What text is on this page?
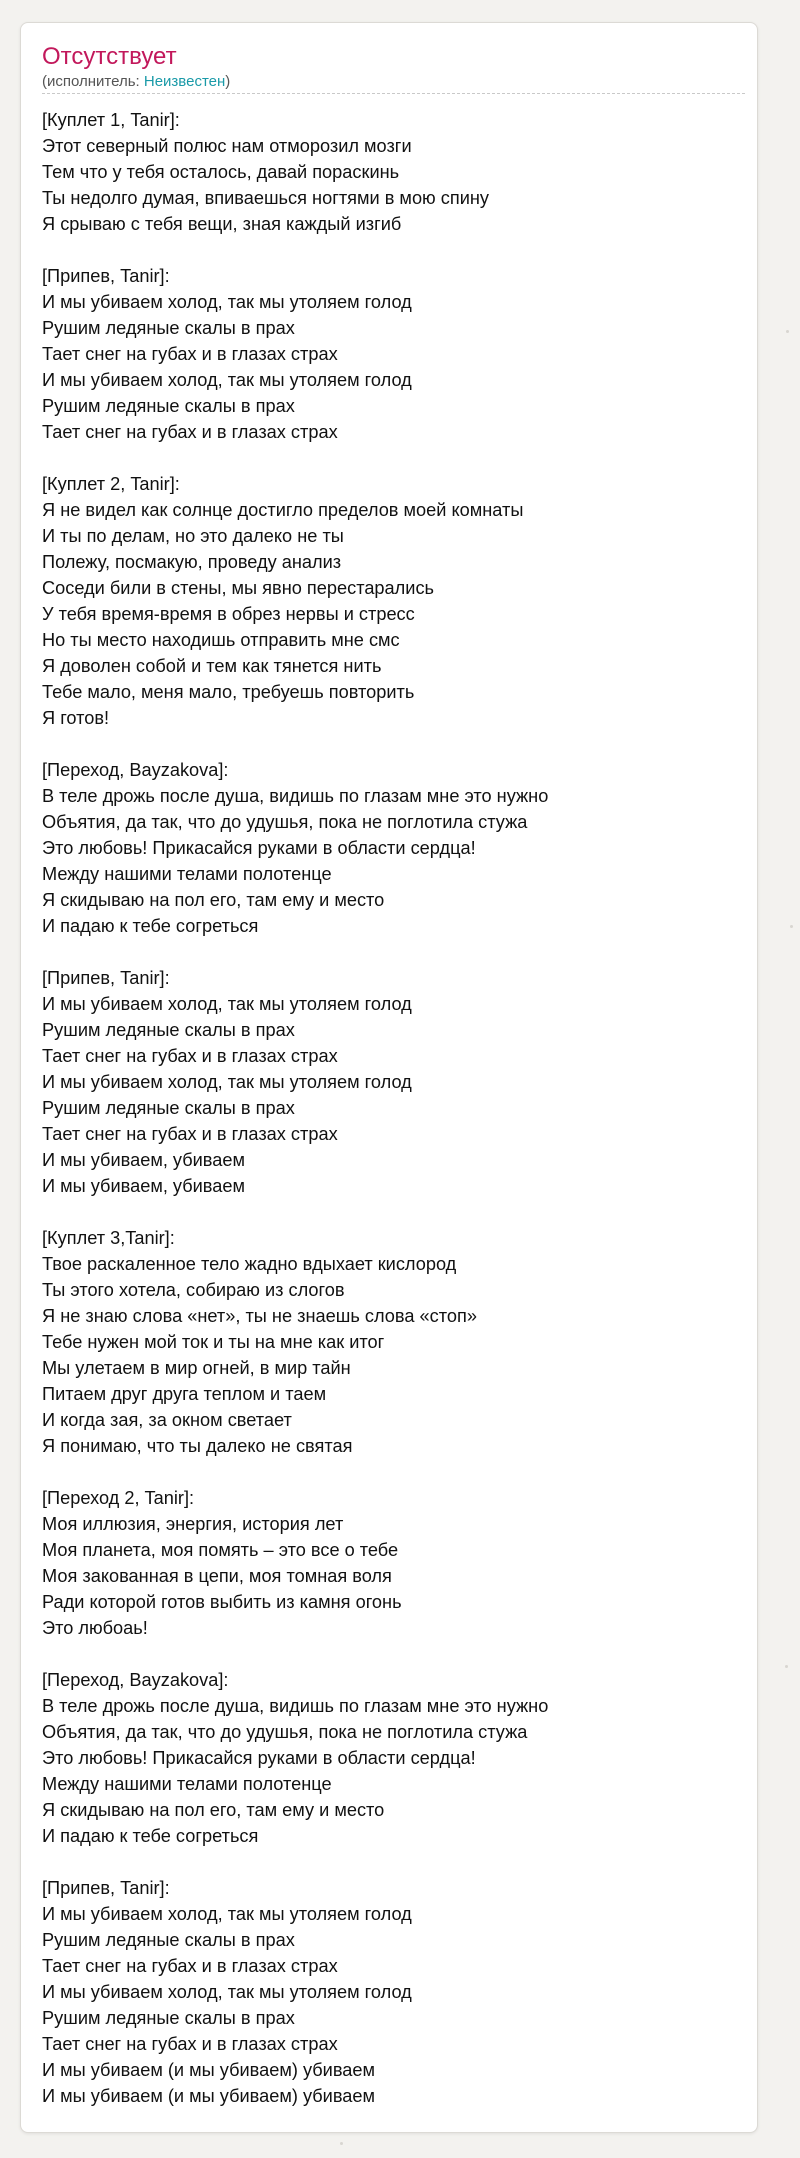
Отсутствует
(исполнитель: Неизвестен)
[Куплет 1, Tanir]:
Этот северный полюс нам отморозил мозги
Тем что у тебя осталось, давай пораскинь
Ты недолго думая, впиваешься ногтями в мою спину
Я срываю с тебя вещи, зная каждый изгиб
[Припев, Tanir]:
И мы убиваем холод, так мы утоляем голод
Рушим ледяные скалы в прах
Тает снег на губах и в глазах страх
И мы убиваем холод, так мы утоляем голод
Рушим ледяные скалы в прах
Тает снег на губах и в глазах страх
[Куплет 2, Tanir]:
Я не видел как солнце достигло пределов моей комнаты
И ты по делам, но это далеко не ты
Полежу, посмакую, проведу анализ
Соседи били в стены, мы явно перестарались
У тебя время-время в обрез нервы и стресс
Но ты место находишь отправить мне смс
Я доволен собой и тем как тянется нить
Тебе мало, меня мало, требуешь повторить
Я готов!
[Переход, Bayzakova]:
В теле дрожь после душа, видишь по глазам мне это нужно
Объятия, да так, что до удушья, пока не поглотила стужа
Это любовь! Прикасайся руками в области сердца!
Между нашими телами полотенце
Я скидываю на пол его, там ему и место
И падаю к тебе согреться
[Припев, Tanir]:
И мы убиваем холод, так мы утоляем голод
Рушим ледяные скалы в прах
Тает снег на губах и в глазах страх
И мы убиваем холод, так мы утоляем голод
Рушим ледяные скалы в прах
Тает снег на губах и в глазах страх
И мы убиваем, убиваем
И мы убиваем, убиваем
[Куплет 3,Tanir]:
Твое раскаленное тело жадно вдыхает кислород
Ты этого хотела, собираю из слогов
Я не знаю слова «нет», ты не знаешь слова «стоп»
Тебе нужен мой ток и ты на мне как итог
Мы улетаем в мир огней, в мир тайн
Питаем друг друга теплом и таем
И когда зая, за окном светает
Я понимаю, что ты далеко не святая
[Переход 2, Tanir]:
Моя иллюзия, энергия, история лет
Моя планета, моя помять – это все о тебе
Моя закованная в цепи, моя томная воля
Ради которой готов выбить из камня огонь
Это любоаь!
[Переход, Bayzakova]:
В теле дрожь после душа, видишь по глазам мне это нужно
Объятия, да так, что до удушья, пока не поглотила стужа
Это любовь! Прикасайся руками в области сердца!
Между нашими телами полотенце
Я скидываю на пол его, там ему и место
И падаю к тебе согреться
[Припев, Tanir]:
И мы убиваем холод, так мы утоляем голод
Рушим ледяные скалы в прах
Тает снег на губах и в глазах страх
И мы убиваем холод, так мы утоляем голод
Рушим ледяные скалы в прах
Тает снег на губах и в глазах страх
И мы убиваем (и мы убиваем) убиваем
И мы убиваем (и мы убиваем) убиваем
